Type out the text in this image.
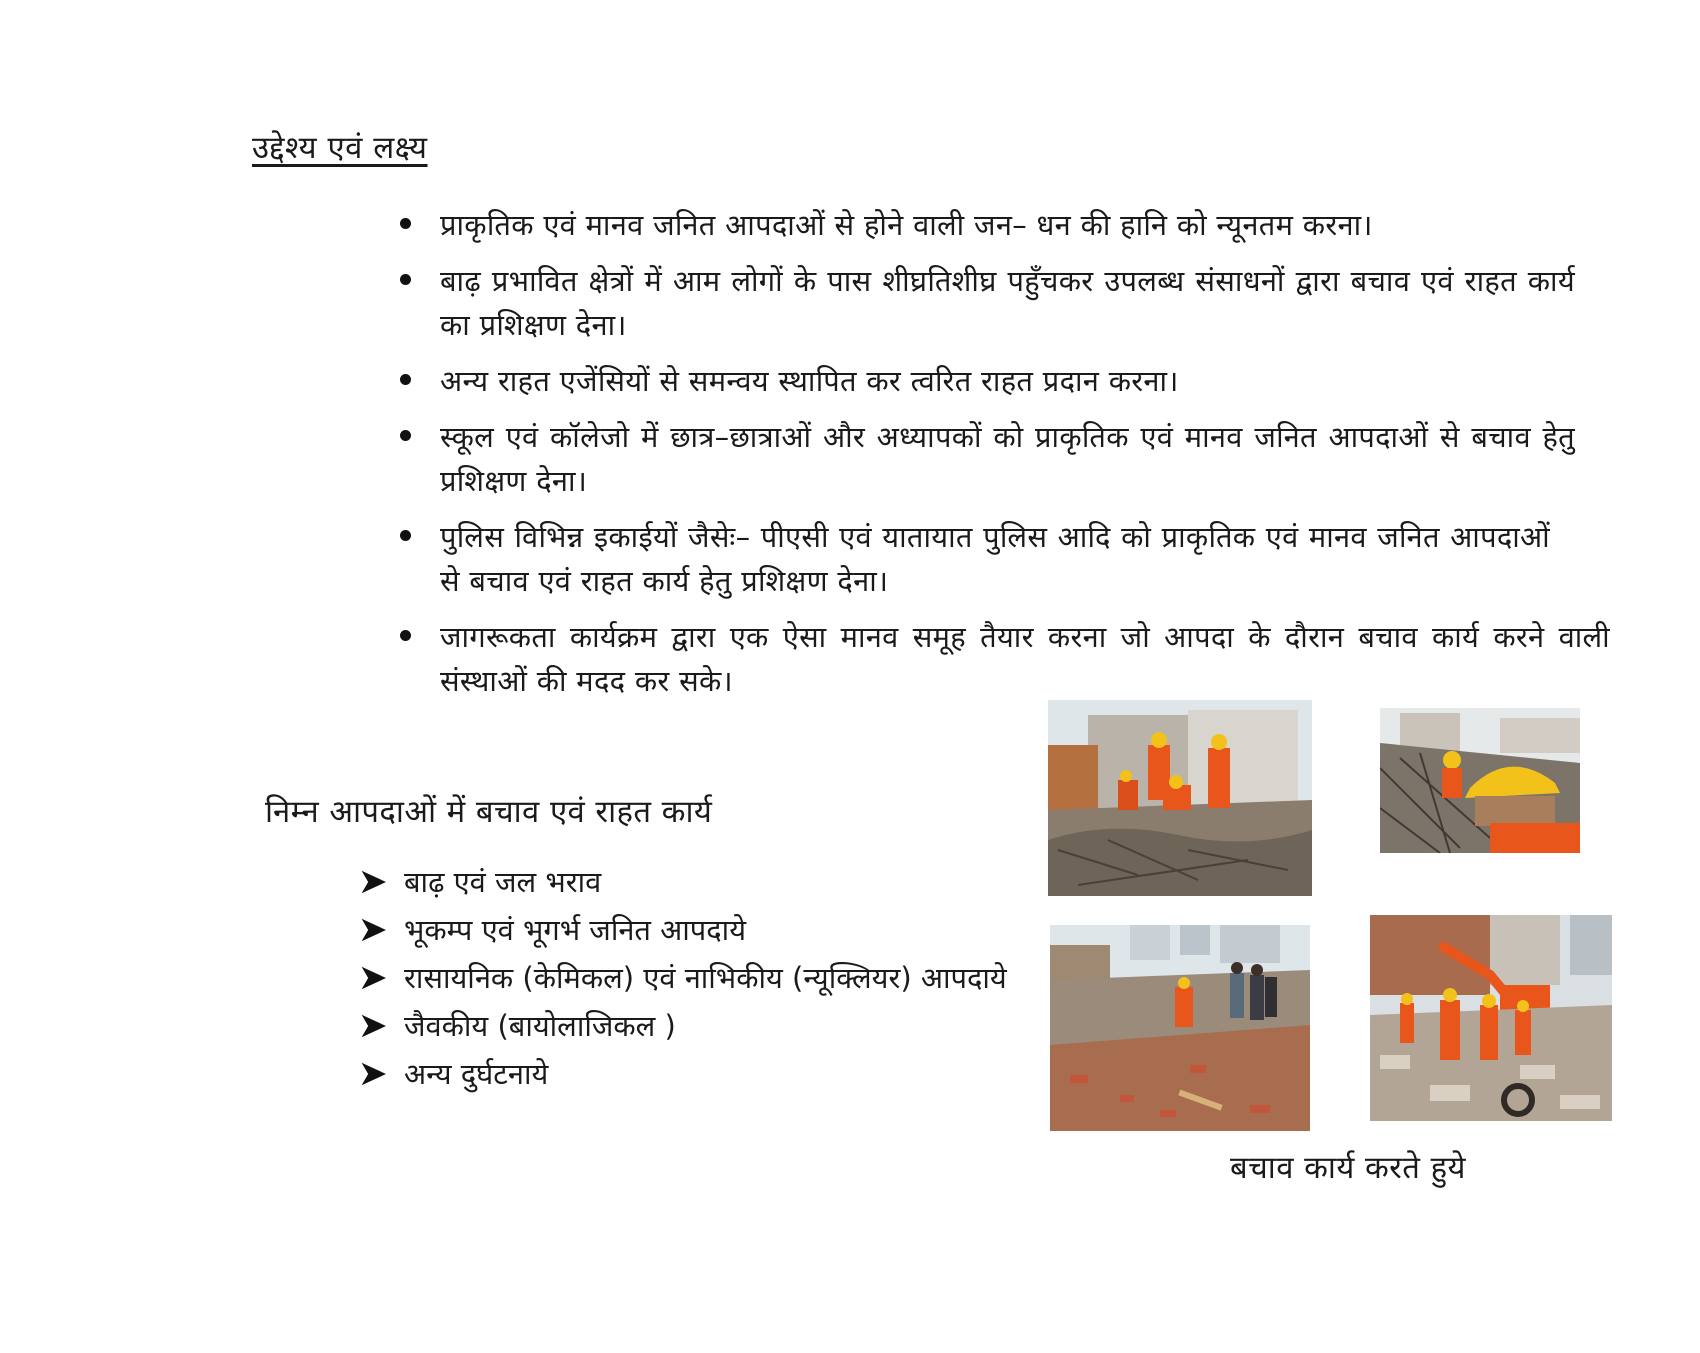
उद्देश्य एवं लक्ष्य
प्राकृतिक एवं मानव जनित आपदाओं से होने वाली जन– धन की हानि को न्यूनतम करना।
बाढ़ प्रभावित क्षेत्रों में आम लोगों के पास शीघ्रतिशीघ्र पहुँचकर उपलब्ध संसाधनों द्वारा बचाव एवं राहत कार्य का प्रशिक्षण देना।
अन्य राहत एजेंसियों से समन्वय स्थापित कर त्वरित राहत प्रदान करना।
स्कूल एवं कॉलेजो में छात्र–छात्राओं और अध्यापकों को प्राकृतिक एवं मानव जनित आपदाओं से बचाव हेतु प्रशिक्षण देना।
पुलिस विभिन्न इकाईयों जैसेः– पीएसी एवं यातायात पुलिस आदि को प्राकृतिक एवं मानव जनित आपदाओं से बचाव एवं राहत कार्य हेतु प्रशिक्षण देना।
जागरूकता कार्यक्रम द्वारा एक ऐसा मानव समूह तैयार करना जो आपदा के दौरान बचाव कार्य करने वाली संस्थाओं की मदद कर सके।
निम्न आपदाओं में बचाव एवं राहत कार्य
बाढ़ एवं जल भराव
भूकम्प एवं भूगर्भ जनित आपदाये
रासायनिक (केमिकल) एवं नाभिकीय (न्यूक्लियर) आपदाये
जैवकीय (बायोलाजिकल )
अन्य दुर्घटनाये

बचाव कार्य करते हुये
